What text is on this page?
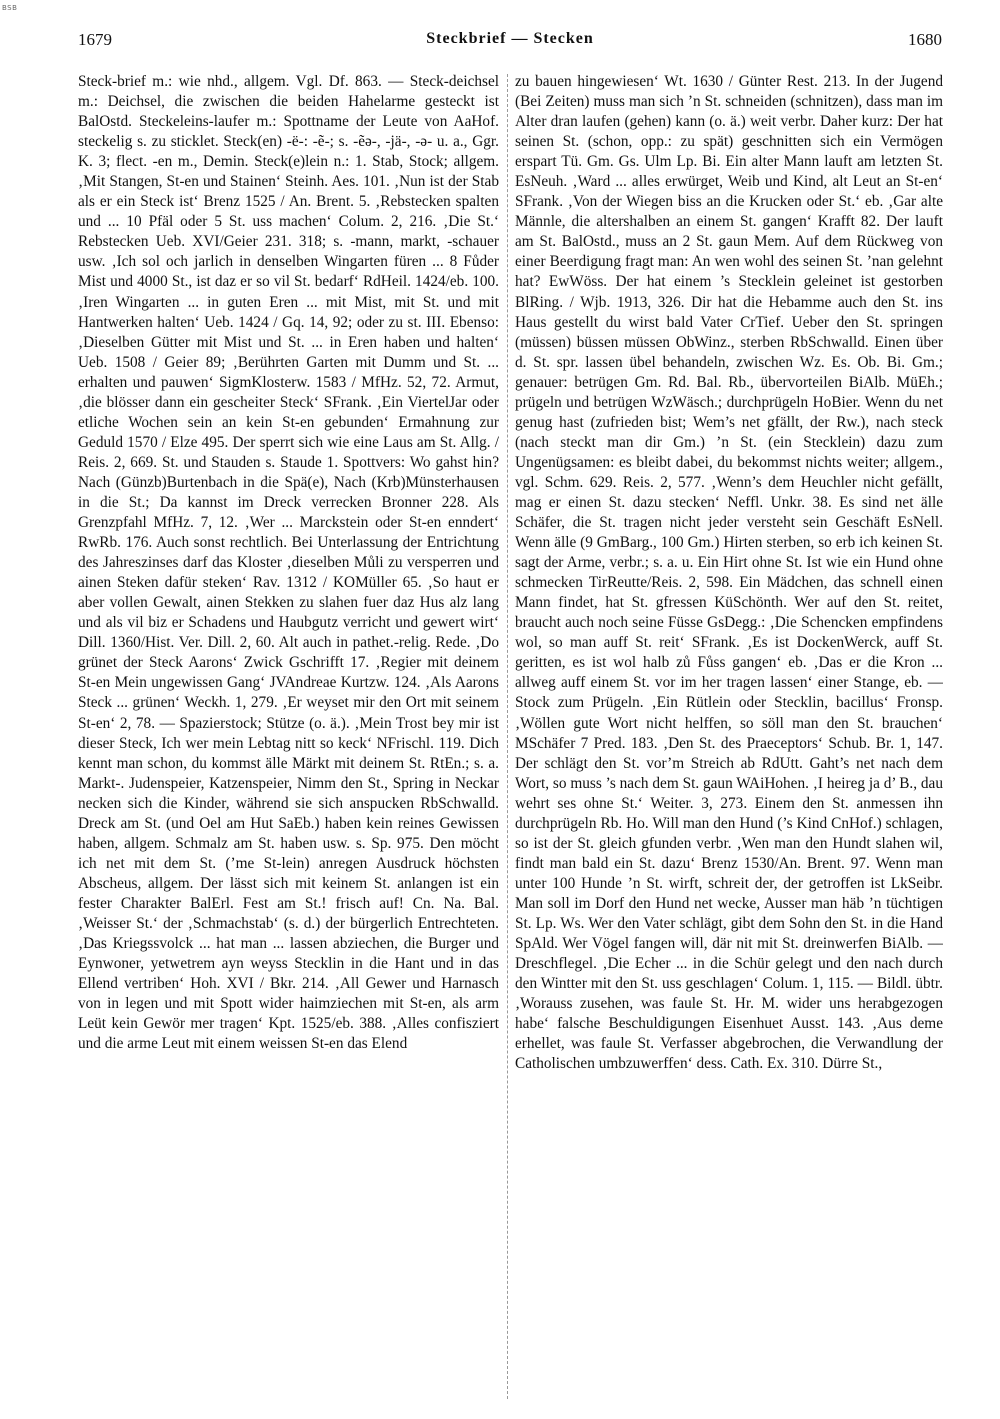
BSB
1679	Steckbrief — Stecken	1680

Steck-brief m.: wie nhd., allgem. Vgl. Df. 863. — Steck-deichsel m.: Deichsel, die zwischen die beiden Hahelarme gesteckt ist BalOstd. Steckeleins-laufer m.: Spottname der Leute von AaHof. steckelig s. zu sticklet. Steck(en) -ë-: -ẽ-; s. -ẽə-, -jä-, -ə- u. a., Ggr. K. 3; flect. -en m., Demin. Steck(e)lein n.: 1. Stab, Stock; allgem. ‚Mit Stangen, St-en und Stainen‘ Steinh. Aes. 101. ‚Nun ist der Stab als er ein Steck ist‘ Brenz 1525 / An. Brent. 5. ‚Rebstecken spalten und ... 10 Pfäl oder 5 St. uss machen‘ Colum. 2, 216. ‚Die St.‘ Rebstecken Ueb. XVI/Geier 231. 318; s. -mann, markt, -schauer usw. ‚Ich sol och jarlich in denselben Wingarten füren ... 8 Fůder Mist und 4000 St., ist daz er so vil St. bedarf‘ RdHeil. 1424/eb. 100. ‚Iren Wingarten ... in guten Eren ... mit Mist, mit St. und mit Hantwerken halten‘ Ueb. 1424 / Gq. 14, 92; oder zu st. III. Ebenso: ‚Dieselben Gütter mit Mist und St. ... in Eren haben und halten‘ Ueb. 1508 / Geier 89; ‚Berührten Garten mit Dumm und St. ... erhalten und pauwen‘ SigmKlosterw. 1583 / MfHz. 52, 72. Armut, ‚die blösser dann ein gescheiter Steck‘ SFrank. ‚Ein ViertelJar oder etliche Wochen sein an kein St-en gebunden‘ Ermahnung zur Geduld 1570 / Elze 495. Der sperrt sich wie eine Laus am St. Allg. / Reis. 2, 669. St. und Stauden s. Staude 1. Spottvers: Wo gahst hin? Nach (Günzb)Burtenbach in die Spä(e), Nach (Krb)Münsterhausen in die St.; Da kannst im Dreck verrecken Bronner 228. Als Grenzpfahl MfHz. 7, 12. ‚Wer ... Marckstein oder St-en enndert‘ RwRb. 176. Auch sonst rechtlich. Bei Unterlassung der Entrichtung des Jahreszinses darf das Kloster ‚dieselben Můli zu versperren und ainen Steken dafür steken‘ Rav. 1312 / KOMüller 65. ‚So haut er aber vollen Gewalt, ainen Stekken zu slahen fuer daz Hus alz lang und als vil biz er Schadens und Haubgutz verricht und gewert wirt‘ Dill. 1360/Hist. Ver. Dill. 2, 60. Alt auch in pathet.-relig. Rede. ‚Do grünet der Steck Aarons‘ Zwick Gschrifft 17. ‚Regier mit deinem St-en Mein ungewissen Gang‘ JVAndreae Kurtzw. 124. ‚Als Aarons Steck ... grünen‘ Weckh. 1, 279. ‚Er weyset mir den Ort mit seinem St-en‘ 2, 78. — Spazierstock; Stütze (o. ä.). ‚Mein Trost bey mir ist dieser Steck, Ich wer mein Lebtag nitt so keck‘ NFrischl. 119. Dich kennt man schon, du kommst älle Märkt mit deinem St. RtEn.; s. a. Markt-. Judenspeier, Katzenspeier, Nimm den St., Spring in Neckar necken sich die Kinder, während sie sich anspucken RbSchwalld. Dreck am St. (und Oel am Hut SaEb.) haben kein reines Gewissen haben, allgem. Schmalz am St. haben usw. s. Sp. 975. Den möcht ich net mit dem St. (’me St-lein) anregen Ausdruck höchsten Abscheus, allgem. Der lässt sich mit keinem St. anlangen ist ein fester Charakter BalErl. Fest am St.! frisch auf! Cn. Na. Bal. ‚Weisser St.‘ der ‚Schmachstab‘ (s. d.) der bürgerlich Entrechteten. ‚Das Kriegssvolck ... hat man ... lassen abziechen, die Burger und Eynwoner, yetwetrem ayn weyss Stecklin in die Hant und in das Ellend vertriben‘ Hoh. XVI / Bkr. 214. ‚All Gewer und Harnasch von in legen und mit Spott wider haimziechen mit St-en, als arm Leüt kein Gewör mer tragen‘ Kpt. 1525/eb. 388. ‚Alles confisziert und die arme Leut mit einem weissen St-en das Elend

zu bauen hingewiesen‘ Wt. 1630 / Günter Rest. 213. In der Jugend (Bei Zeiten) muss man sich ’n St. schneiden (schnitzen), dass man im Alter dran laufen (gehen) kann (o. ä.) weit verbr. Daher kurz: Der hat seinen St. (schon, opp.: zu spät) geschnitten sich ein Vermögen erspart Tü. Gm. Gs. Ulm Lp. Bi. Ein alter Mann lauft am letzten St. EsNeuh. ‚Ward ... alles erwürget, Weib und Kind, alt Leut an St-en‘ SFrank. ‚Von der Wiegen biss an die Krucken oder St.‘ eb. ‚Gar alte Männle, die altershalben an einem St. gangen‘ Krafft 82. Der lauft am St. BalOstd., muss an 2 St. gaun Mem. Auf dem Rückweg von einer Beerdigung fragt man: An wen wohl des seinen St. ’nan gelehnt hat? EwWöss. Der hat einem ’s Stecklein geleinet ist gestorben BlRing. / Wjb. 1913, 326. Dir hat die Hebamme auch den St. ins Haus gestellt du wirst bald Vater CrTief. Ueber den St. springen (müssen) büssen müssen ObWinz., sterben RbSchwalld. Einen über d. St. spr. lassen übel behandeln, zwischen Wz. Es. Ob. Bi. Gm.; genauer: betrügen Gm. Rd. Bal. Rb., übervorteilen BiAlb. MüEh.; prügeln und betrügen WzWäsch.; durchprügeln HoBier. Wenn du net genug hast (zufrieden bist; Wem’s net gfällt, der Rw.), nach steck (nach steckt man dir Gm.) ’n St. (ein Stecklein) dazu zum Ungenügsamen: es bleibt dabei, du bekommst nichts weiter; allgem., vgl. Schm. 629. Reis. 2, 577. ‚Wenn’s dem Heuchler nicht gefällt, mag er einen St. dazu stecken‘ Neffl. Unkr. 38. Es sind net älle Schäfer, die St. tragen nicht jeder versteht sein Geschäft EsNell. Wenn älle (9 GmBarg., 100 Gm.) Hirten sterben, so erb ich keinen St. sagt der Arme, verbr.; s. a. u. Ein Hirt ohne St. Ist wie ein Hund ohne schmecken TirReutte/Reis. 2, 598. Ein Mädchen, das schnell einen Mann findet, hat St. gfressen KüSchönth. Wer auf den St. reitet, braucht auch noch seine Füsse GsDegg.: ‚Die Schencken empfindens wol, so man auff St. reit‘ SFrank. ‚Es ist DockenWerck, auff St. geritten, es ist wol halb zů Fůss gangen‘ eb. ‚Das er die Kron ... allweg auff einem St. vor im her tragen lassen‘ einer Stange, eb. — Stock zum Prügeln. ‚Ein Rütlein oder Stecklin, bacillus‘ Fronsp. ‚Wöllen gute Wort nicht helffen, so söll man den St. brauchen‘ MSchäfer 7 Pred. 183. ‚Den St. des Praeceptors‘ Schub. Br. 1, 147. Der schlägt den St. vor’m Streich ab RdUtt. Gaht’s net nach dem Wort, so muss ’s nach dem St. gaun WAiHohen. ‚I heireg ja d’ B., dau wehrt ses ohne St.‘ Weiter. 3, 273. Einem den St. anmessen ihn durchprügeln Rb. Ho. Will man den Hund (’s Kind CnHof.) schlagen, so ist der St. gleich gfunden verbr. ‚Wen man den Hundt slahen wil, findt man bald ein St. dazu‘ Brenz 1530/An. Brent. 97. Wenn man unter 100 Hunde ’n St. wirft, schreit der, der getroffen ist LkSeibr. Man soll im Dorf den Hund net wecke, Ausser man häb ’n tüchtigen St. Lp. Ws. Wer den Vater schlägt, gibt dem Sohn den St. in die Hand SpAld. Wer Vögel fangen will, där nit mit St. dreinwerfen BiAlb. — Dreschflegel. ‚Die Echer ... in die Schür gelegt und den nach durch den Wintter mit den St. uss geschlagen‘ Colum. 1, 115. — Bildl. übtr. ‚Worauss zusehen, was faule St. Hr. M. wider uns herabgezogen habe‘ falsche Beschuldigungen Eisenhuet Ausst. 143. ‚Aus deme erhellet, was faule St. Verfasser abgebrochen, die Verwandlung der Catholischen umbzuwerffen‘ dess. Cath. Ex. 310. Dürre St.,
